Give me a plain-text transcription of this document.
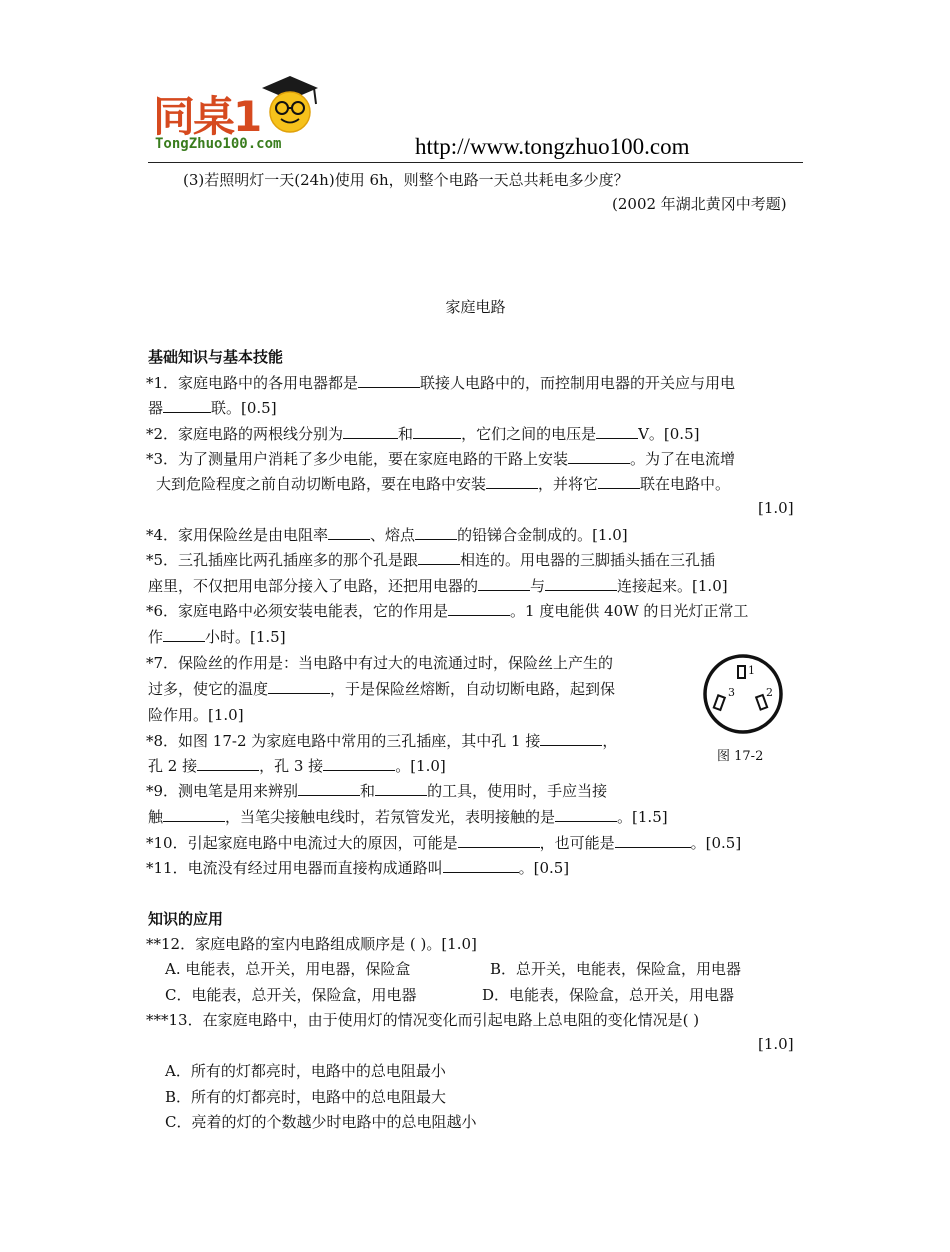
同桌1
TongZhuo100.com	http://www.tongzhuo100.com
(3)若照明灯一天(24h)使用 6h，则整个电路一天总共耗电多少度？
(2002 年湖北黄冈中考题)
家庭电路
基础知识与基本技能
*1．家庭电路中的各用电器都是	联接人电路中的，而控制用电器的开关应与用电
器	联。[0.5]
*2．家庭电路的两根线分别为	和	，它们之间的电压是	V。[0.5]
*3．为了测量用户消耗了多少电能，要在家庭电路的干路上安装	。为了在电流增
大到危险程度之前自动切断电路，要在电路中安装	，并将它	联在电路中。
[1.0]
*4．家用保险丝是由电阻率	、熔点	的铅锑合金制成的。[1.0]
*5．三孔插座比两孔插座多的那个孔是跟	相连的。用电器的三脚插头插在三孔插
座里，不仅把用电部分接入了电路，还把用电器的	与	连接起来。[1.0]
*6．家庭电路中必须安装电能表，它的作用是	。1 度电能供 40W 的日光灯正常工
作	小时。[1.5]
*7．保险丝的作用是：当电路中有过大的电流通过时，保险丝上产生的
过多，使它的温度	，于是保险丝熔断，自动切断电路，起到保
险作用。[1.0]
*8．如图 17-2 为家庭电路中常用的三孔插座，其中孔 1 接	，
孔 2 接	，孔 3 接	。[1.0]
*9．测电笔是用来辨别	和	的工具，使用时，手应当接
触	，当笔尖接触电线时，若氖管发光，表明接触的是	。[1.5]
*10．引起家庭电路中电流过大的原因，可能是	，也可能是	。[0.5]
*11．电流没有经过用电器而直接构成通路叫	。[0.5]
1
3	2
图 17-2
知识的应用
**12．家庭电路的室内电路组成顺序是 ( )。[1.0]
A. 电能表，总开关，用电器，保险盒	B．总开关，电能表，保险盒，用电器
C．电能表，总开关，保险盒，用电器	D．电能表，保险盒，总开关，用电器
***13．在家庭电路中，由于使用灯的情况变化而引起电路上总电阻的变化情况是( )
[1.0]
A．所有的灯都亮时，电路中的总电阻最小
B．所有的灯都亮时，电路中的总电阻最大
C．亮着的灯的个数越少时电路中的总电阻越小
